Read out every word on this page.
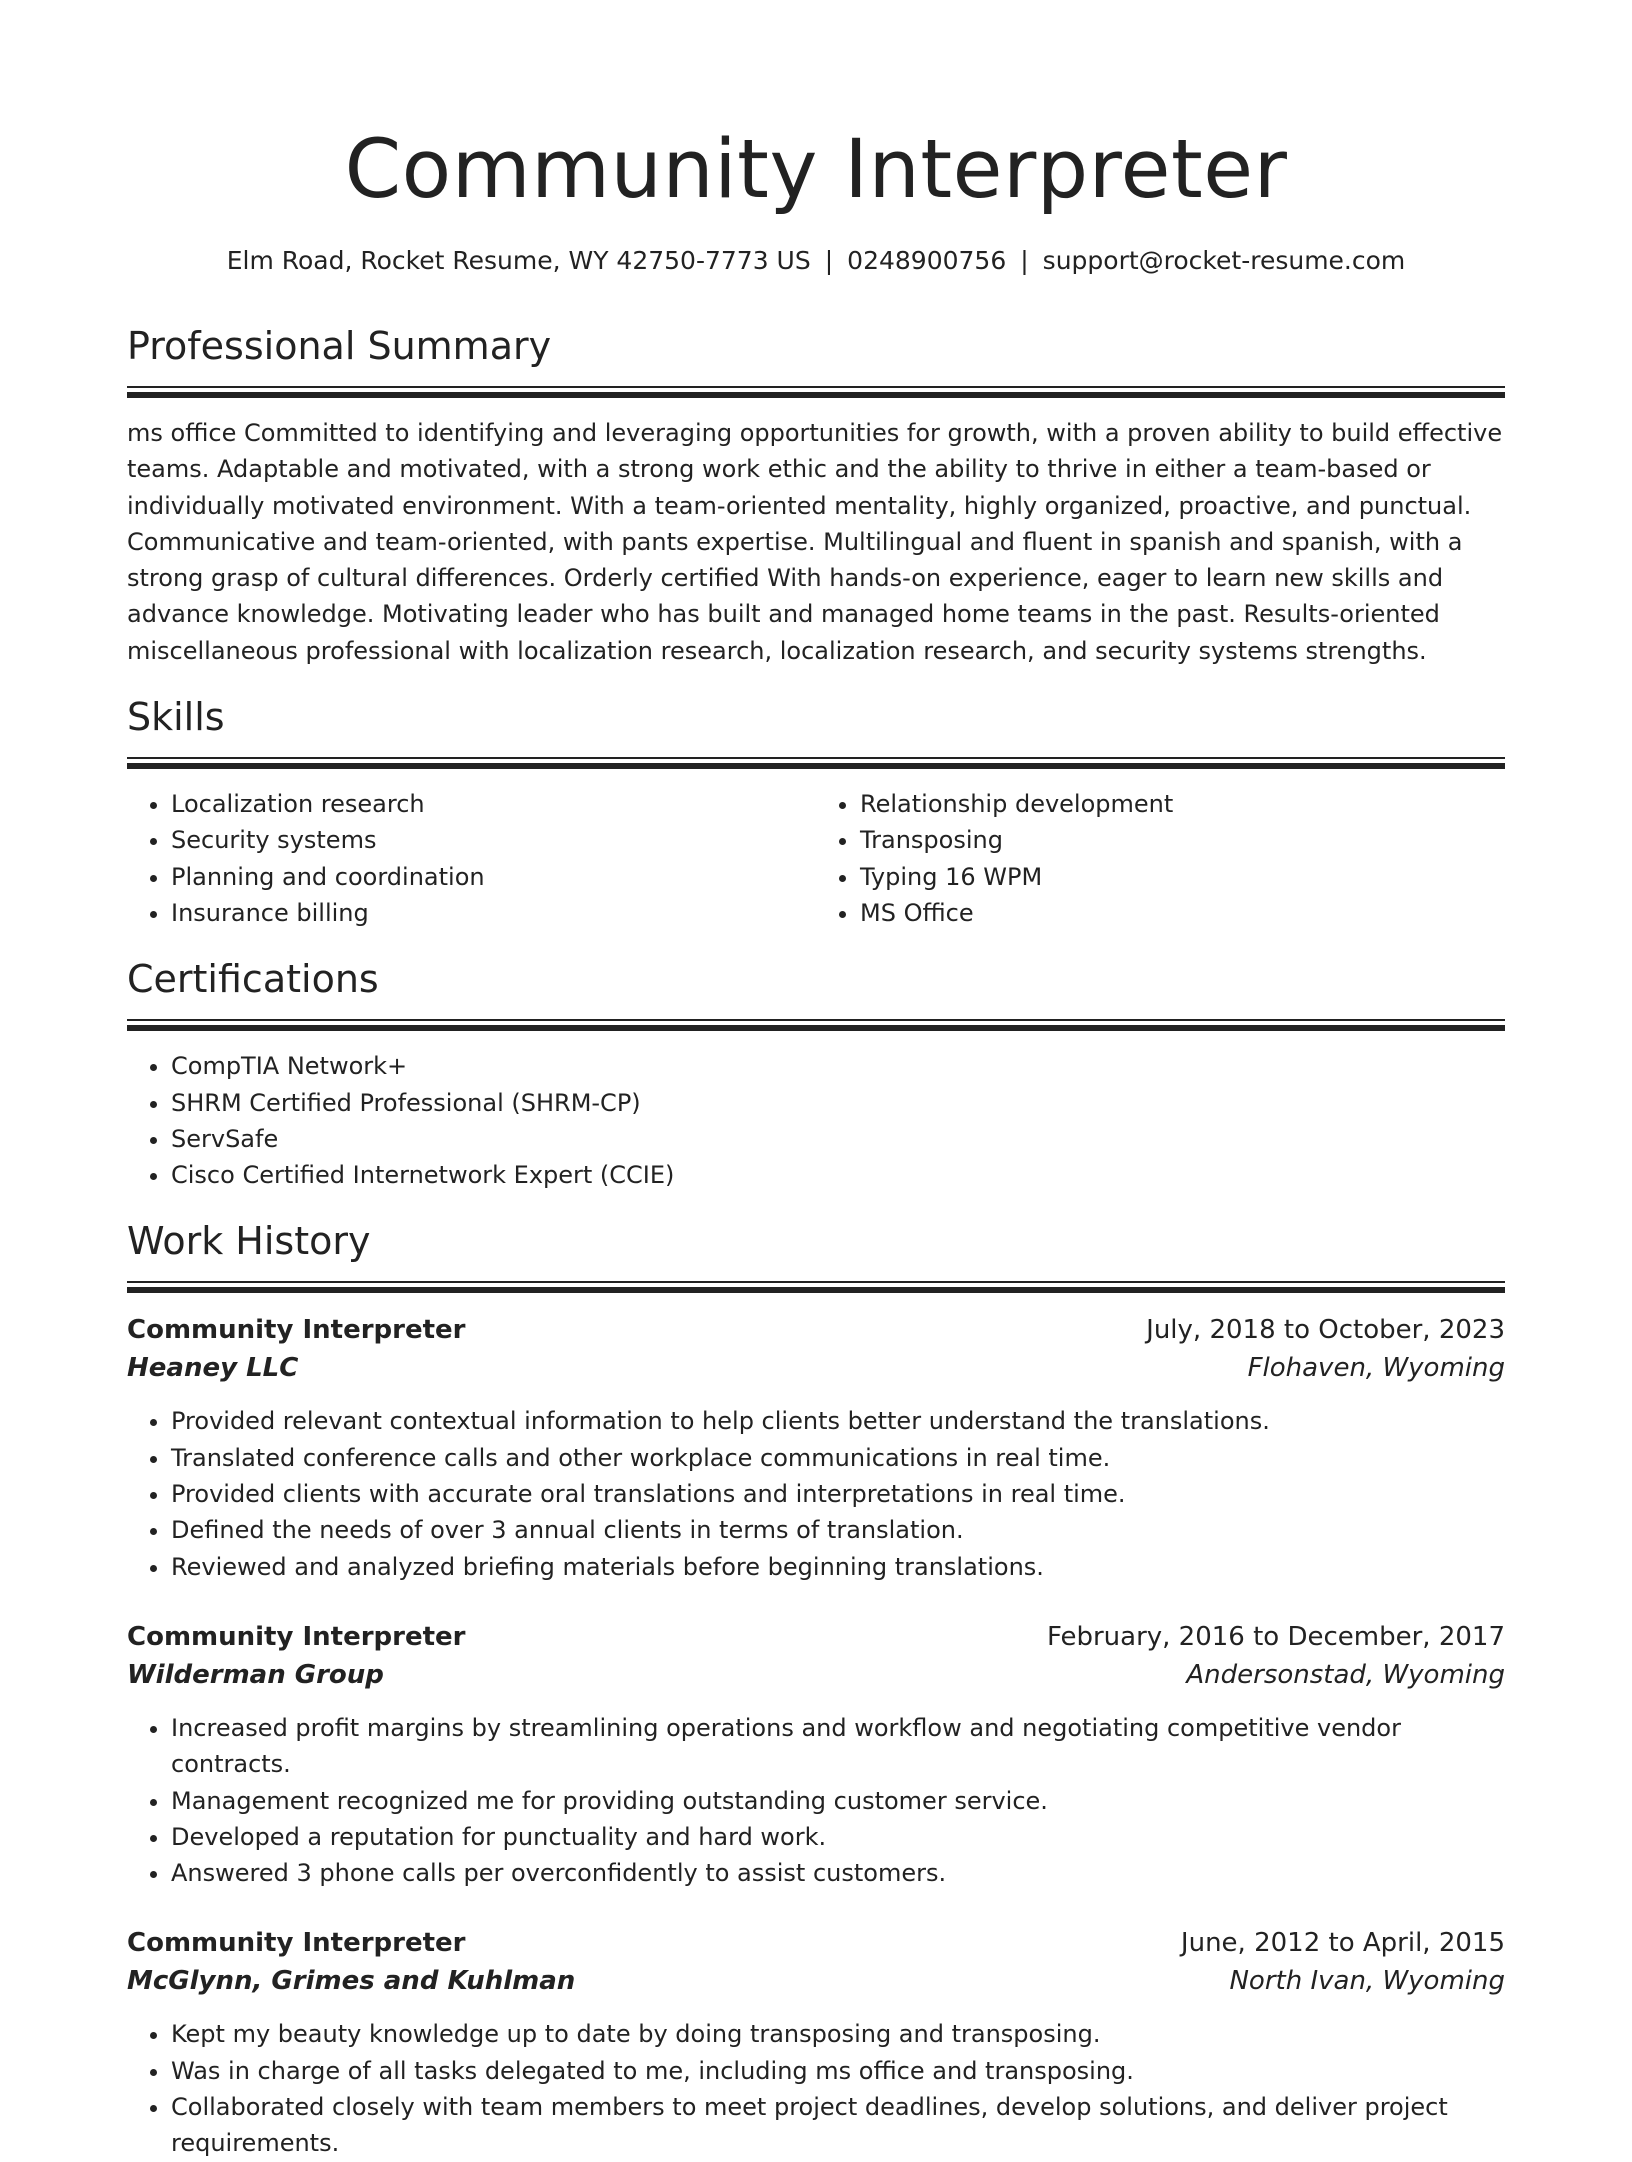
Community Interpreter
Elm Road, Rocket Resume, WY 42750-7773 US | 0248900756 | support@rocket-resume.com
Professional Summary

ms office Committed to identifying and leveraging opportunities for growth, with a proven ability to build effective teams. Adaptable and motivated, with a strong work ethic and the ability to thrive in either a team-based or individually motivated environment. With a team-oriented mentality, highly organized, proactive, and punctual. Communicative and team-oriented, with pants expertise. Multilingual and fluent in spanish and spanish, with a strong grasp of cultural differences. Orderly certified With hands-on experience, eager to learn new skills and advance knowledge. Motivating leader who has built and managed home teams in the past. Results-oriented miscellaneous professional with localization research, localization research, and security systems strengths.

Skills
• Localization research
• Security systems
• Planning and coordination
• Insurance billing
• Relationship development
• Transposing
• Typing 16 WPM
• MS Office
Certifications
• CompTIA Network+
• SHRM Certified Professional (SHRM-CP)
• ServSafe
• Cisco Certified Internetwork Expert (CCIE)
Work History
Community Interpreter	July, 2018 to October, 2023
Heaney LLC	Flohaven, Wyoming
• Provided relevant contextual information to help clients better understand the translations.
• Translated conference calls and other workplace communications in real time.
• Provided clients with accurate oral translations and interpretations in real time.
• Defined the needs of over 3 annual clients in terms of translation.
• Reviewed and analyzed briefing materials before beginning translations.
Community Interpreter	February, 2016 to December, 2017
Wilderman Group	Andersonstad, Wyoming
• Increased profit margins by streamlining operations and workflow and negotiating competitive vendor contracts.
• Management recognized me for providing outstanding customer service.
• Developed a reputation for punctuality and hard work.
• Answered 3 phone calls per overconfidently to assist customers.
Community Interpreter	June, 2012 to April, 2015
McGlynn, Grimes and Kuhlman	North Ivan, Wyoming
• Kept my beauty knowledge up to date by doing transposing and transposing.
• Was in charge of all tasks delegated to me, including ms office and transposing.
• Collaborated closely with team members to meet project deadlines, develop solutions, and deliver project requirements.
